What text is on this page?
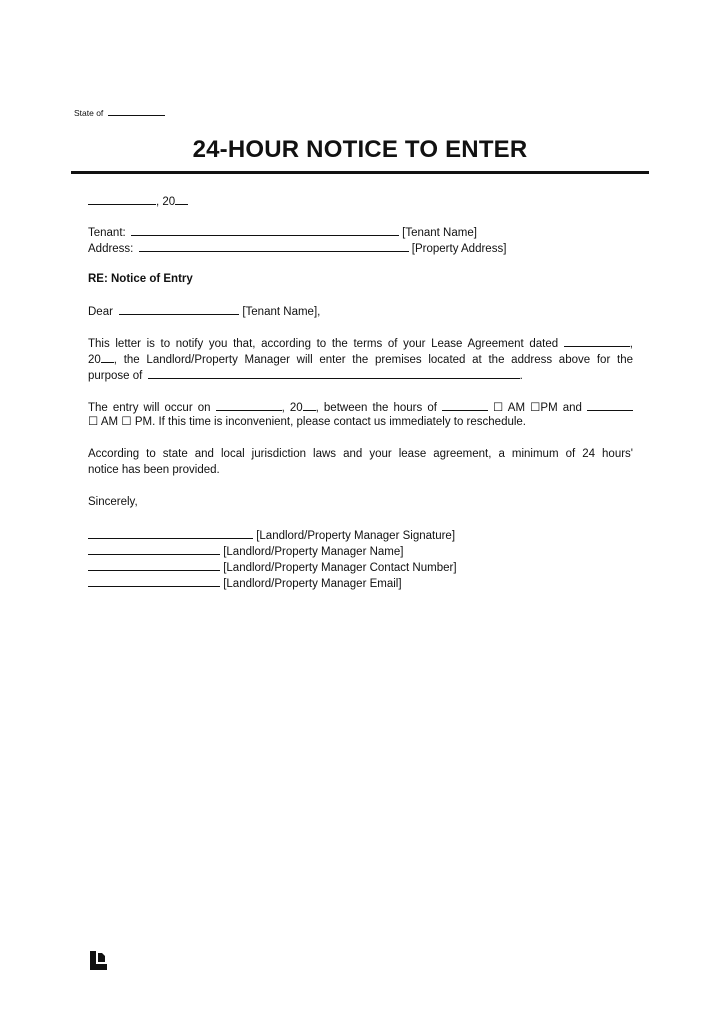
State of
24-HOUR NOTICE TO ENTER
, 20
Tenant:	[Tenant Name]
Address:	[Property Address]
RE: Notice of Entry
Dear	[Tenant Name],
This letter is to notify you that, according to the terms of your Lease Agreement dated	,
20 , the Landlord/Property Manager will enter the premises located at the address above for the
purpose of	.
The entry will occur on	, 20 , between the hours of	☐ AM ☐PM and
☐ AM ☐ PM. If this time is inconvenient, please contact us immediately to reschedule.
According to state and local jurisdiction laws and your lease agreement, a minimum of 24 hours'
notice has been provided.
Sincerely,
[Landlord/Property Manager Signature]
[Landlord/Property Manager Name]
[Landlord/Property Manager Contact Number]
[Landlord/Property Manager Email]
